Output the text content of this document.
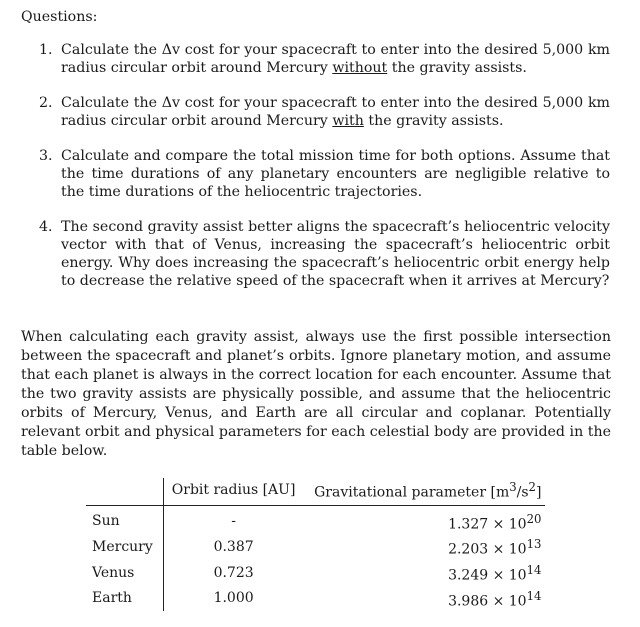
Questions:
1. Calculate the Δv cost for your spacecraft to enter into the desired 5,000 km radius circular orbit around Mercury without the gravity assists.
2. Calculate the Δv cost for your spacecraft to enter into the desired 5,000 km radius circular orbit around Mercury with the gravity assists.
3. Calculate and compare the total mission time for both options. Assume that the time durations of any planetary encounters are negligible relative to the time durations of the heliocentric trajectories.
4. The second gravity assist better aligns the spacecraft’s heliocentric velocity vector with that of Venus, increasing the spacecraft’s heliocentric orbit energy. Why does increasing the spacecraft’s heliocentric orbit energy help to decrease the relative speed of the spacecraft when it arrives at Mercury?

When calculating each gravity assist, always use the first possible intersection between the spacecraft and planet’s orbits. Ignore planetary motion, and assume that each planet is always in the correct location for each encounter. Assume that the two gravity assists are physically possible, and assume that the heliocentric orbits of Mercury, Venus, and Earth are all circular and coplanar. Potentially relevant orbit and physical parameters for each celestial body are provided in the table below.

	Orbit radius [AU]	Gravitational parameter $[m^3/s^2]$
Sun	-	$1.327 \times 10^{20}$
Mercury	0.387	$2.203 \times 10^{13}$
Venus	0.723	$3.249 \times 10^{14}$
Earth	1.000	$3.986 \times 10^{14}$
